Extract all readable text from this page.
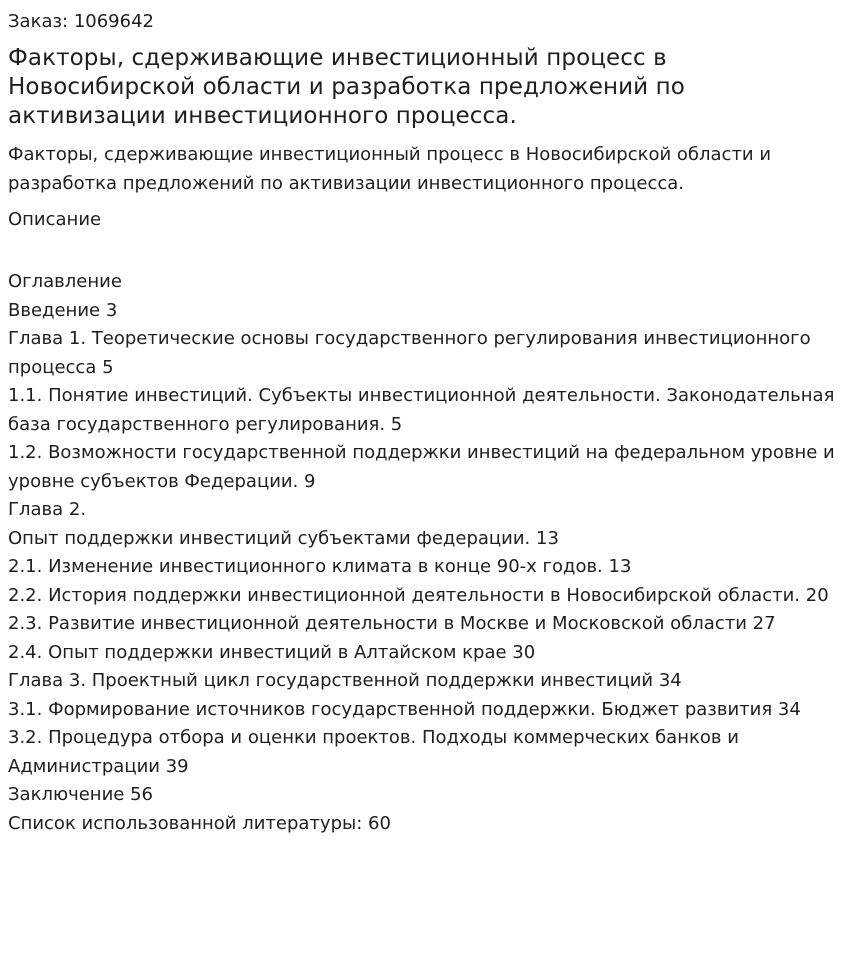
Заказ: 1069642
Факторы, сдерживающие инвестиционный процесс в Новосибирской области и разработка предложений по активизации инвестиционного процесса.

Факторы, сдерживающие инвестиционный процесс в Новосибирской области и разработка предложений по активизации инвестиционного процесса.

Описание
Оглавление
Введение 3
Глава 1. Теоретические основы государственного регулирования инвестиционного процесса 5
1.1. Понятие инвестиций. Субъекты инвестиционной деятельности. Законодательная база государственного регулирования. 5
1.2. Возможности государственной поддержки инвестиций на федеральном уровне и уровне субъектов Федерации. 9
Глава 2.
Опыт поддержки инвестиций субъектами федерации. 13
2.1. Изменение инвестиционного климата в конце 90-х годов. 13
2.2. История поддержки инвестиционной деятельности в Новосибирской области. 20
2.3. Развитие инвестиционной деятельности в Москве и Московской области 27
2.4. Опыт поддержки инвестиций в Алтайском крае 30
Глава 3. Проектный цикл государственной поддержки инвестиций 34
3.1. Формирование источников государственной поддержки. Бюджет развития 34
3.2. Процедура отбора и оценки проектов. Подходы коммерческих банков и Администрации 39
Заключение 56
Список использованной литературы: 60
